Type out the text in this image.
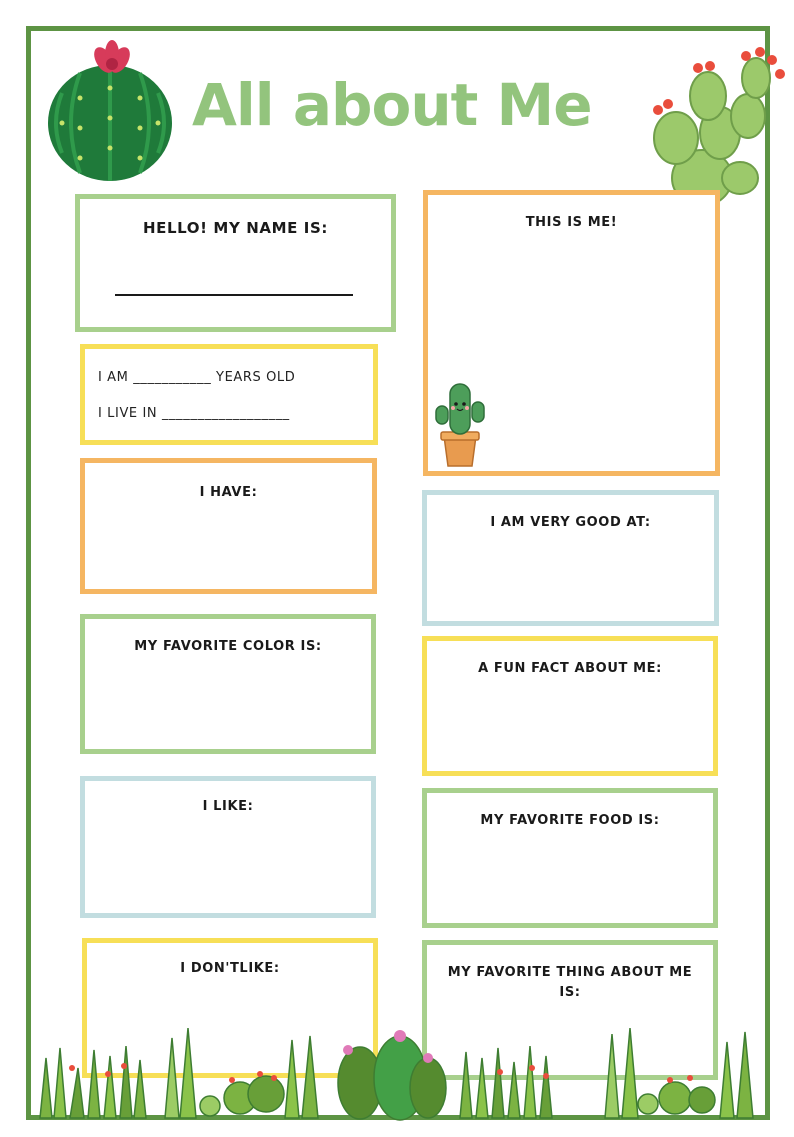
All about Me
HELLO! MY NAME IS:
I AM ___________ YEARS OLD
I LIVE IN __________________
THIS IS ME!
I HAVE:
I AM VERY GOOD AT:
MY FAVORITE COLOR IS:
A FUN FACT ABOUT ME:
I LIKE:
MY FAVORITE FOOD IS:
I DON'TLIKE:	MY FAVORITE THING ABOUT ME IS:
